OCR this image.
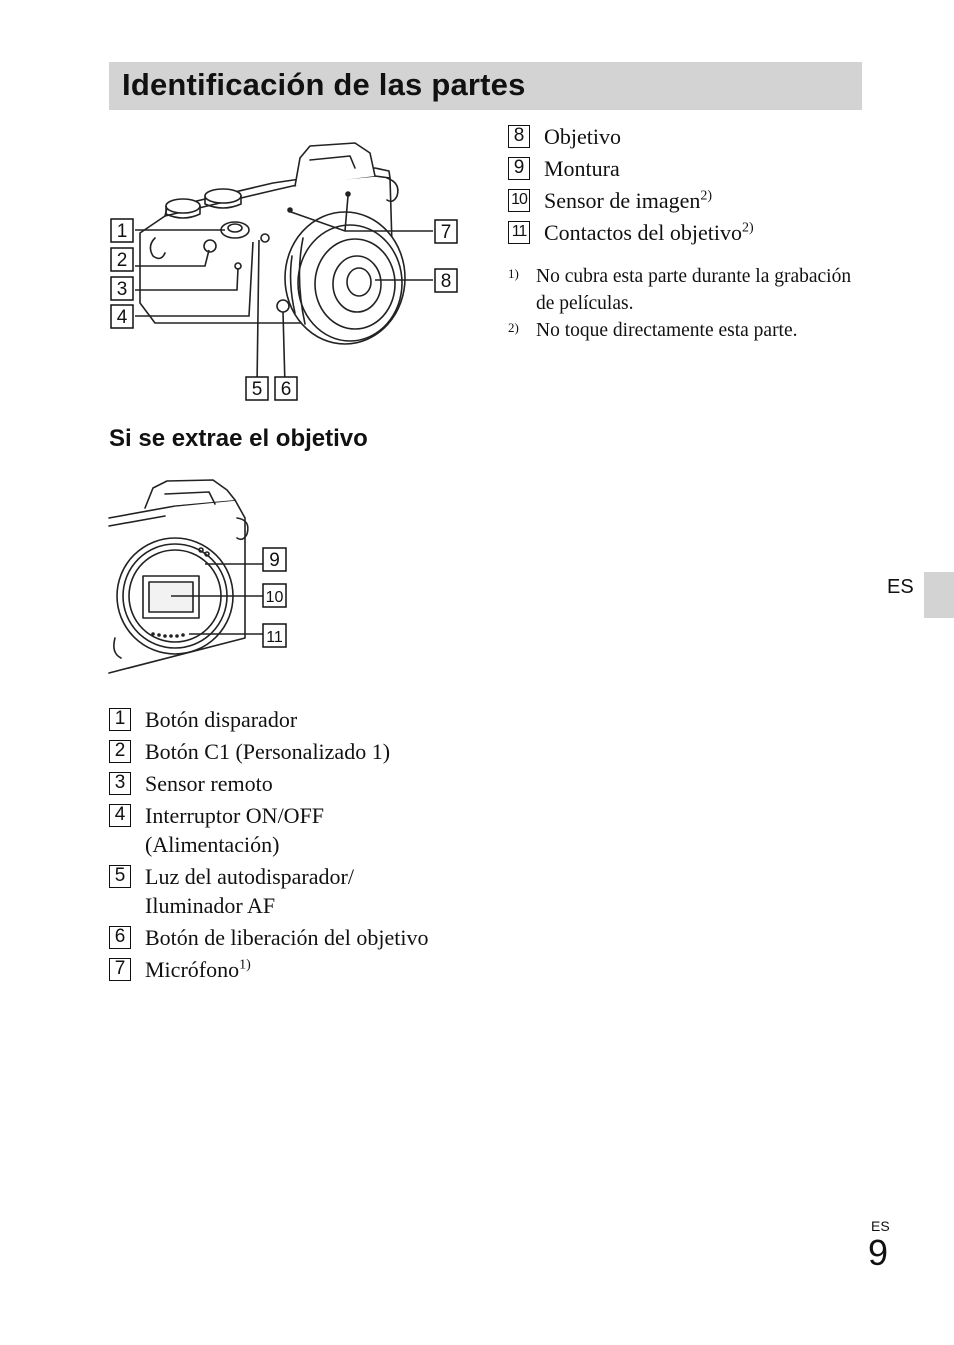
Identificación de las partes
1
2
3
4
5 6
7
8
8 Objetivo
9 Montura
10 Sensor de imagen$^{2)}$
11 Contactos del objetivo$^{2)}$
1) No cubra esta parte durante la grabación de películas.
2) No toque directamente esta parte.
Si se extrae el objetivo
9
10
11
1 Botón disparador
2 Botón C1 (Personalizado 1)
3 Sensor remoto
4 Interruptor ON/OFF (Alimentación)
5 Luz del autodisparador/ Iluminador AF
6 Botón de liberación del objetivo
7 Micrófono$^{1)}$
ES
ES
9
